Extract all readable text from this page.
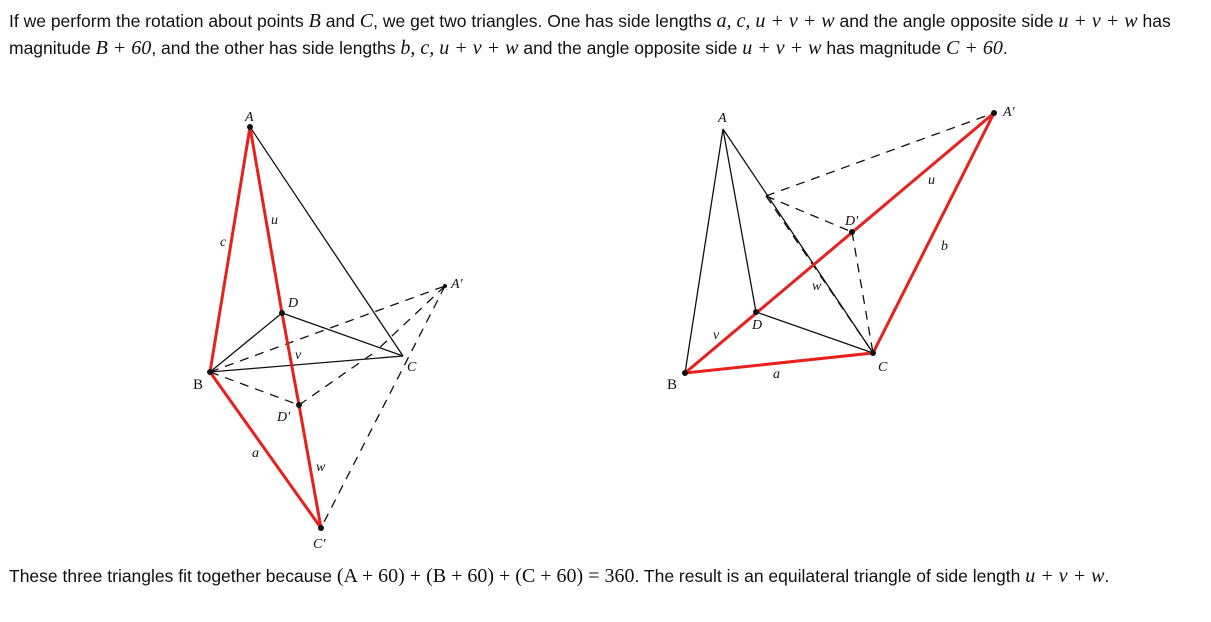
If we perform the rotation about points B and C, we get two triangles. One has side lengths a, c, u + v + w and the angle opposite side u + v + w has magnitude B + 60, and the other has side lengths b, c, u + v + w and the angle opposite side u + v + w has magnitude C + 60.
A
B
C
D
D'
A'
C'
a
c
u
v
w
A
B
C
D
D'
A'
a
b
u
v
w
These three triangles fit together because (A + 60) + (B + 60) + (C + 60) = 360. The result is an equilateral triangle of side length u + v + w.
